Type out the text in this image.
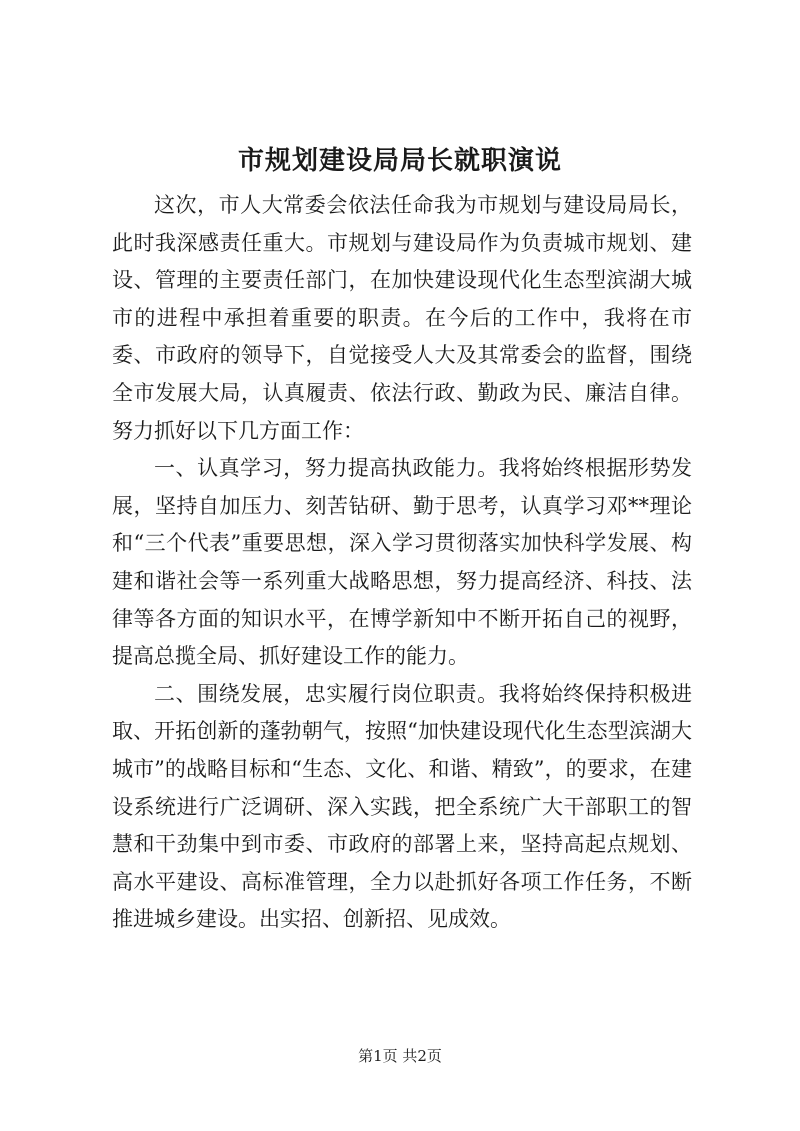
市规划建设局局长就职演说

这次，市人大常委会依法任命我为市规划与建设局局长，此时我深感责任重大。市规划与建设局作为负责城市规划、建设、管理的主要责任部门，在加快建设现代化生态型滨湖大城市的进程中承担着重要的职责。在今后的工作中，我将在市委、市政府的领导下，自觉接受人大及其常委会的监督，围绕全市发展大局，认真履责、依法行政、勤政为民、廉洁自律。努力抓好以下几方面工作：

一、认真学习，努力提高执政能力。我将始终根据形势发展，坚持自加压力、刻苦钻研、勤于思考，认真学习邓**理论和“三个代表”重要思想，深入学习贯彻落实加快科学发展、构建和谐社会等一系列重大战略思想，努力提高经济、科技、法律等各方面的知识水平，在博学新知中不断开拓自己的视野，提高总揽全局、抓好建设工作的能力。

二、围绕发展，忠实履行岗位职责。我将始终保持积极进取、开拓创新的蓬勃朝气，按照“加快建设现代化生态型滨湖大城市”的战略目标和“生态、文化、和谐、精致”，的要求，在建设系统进行广泛调研、深入实践，把全系统广大干部职工的智慧和干劲集中到市委、市政府的部署上来，坚持高起点规划、高水平建设、高标准管理，全力以赴抓好各项工作任务，不断推进城乡建设。出实招、创新招、见成效。

第1页 共2页
